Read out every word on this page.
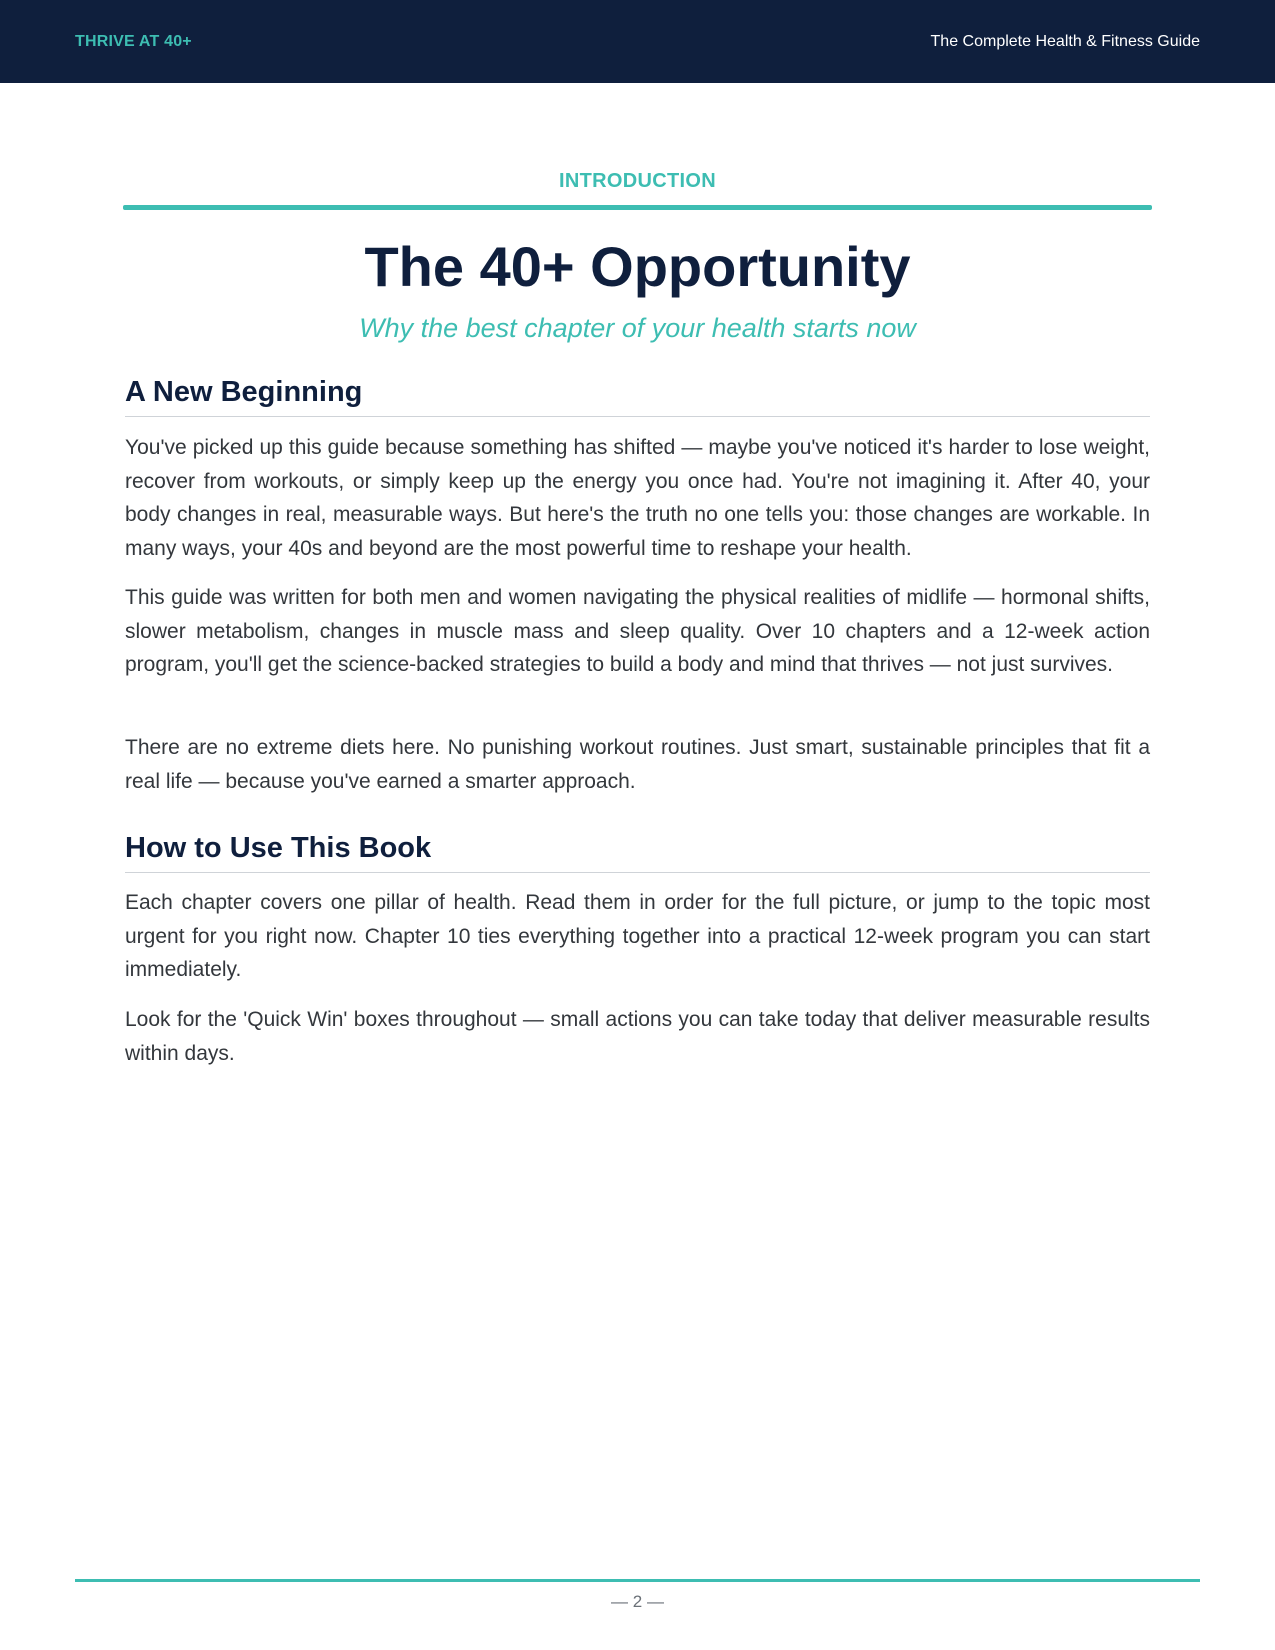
THRIVE AT 40+	The Complete Health & Fitness Guide
INTRODUCTION
The 40+ Opportunity

Why the best chapter of your health starts now

A New Beginning

You've picked up this guide because something has shifted — maybe you've noticed it's harder to lose weight, recover from workouts, or simply keep up the energy you once had. You're not imagining it. After 40, your body changes in real, measurable ways. But here's the truth no one tells you: those changes are workable. In many ways, your 40s and beyond are the most powerful time to reshape your health.

This guide was written for both men and women navigating the physical realities of midlife — hormonal shifts, slower metabolism, changes in muscle mass and sleep quality. Over 10 chapters and a 12-week action program, you'll get the science-backed strategies to build a body and mind that thrives — not just survives.

There are no extreme diets here. No punishing workout routines. Just smart, sustainable principles that fit a real life — because you've earned a smarter approach.

How to Use This Book

Each chapter covers one pillar of health. Read them in order for the full picture, or jump to the topic most urgent for you right now. Chapter 10 ties everything together into a practical 12-week program you can start immediately.

Look for the 'Quick Win' boxes throughout — small actions you can take today that deliver measurable results within days.

— 2 —
